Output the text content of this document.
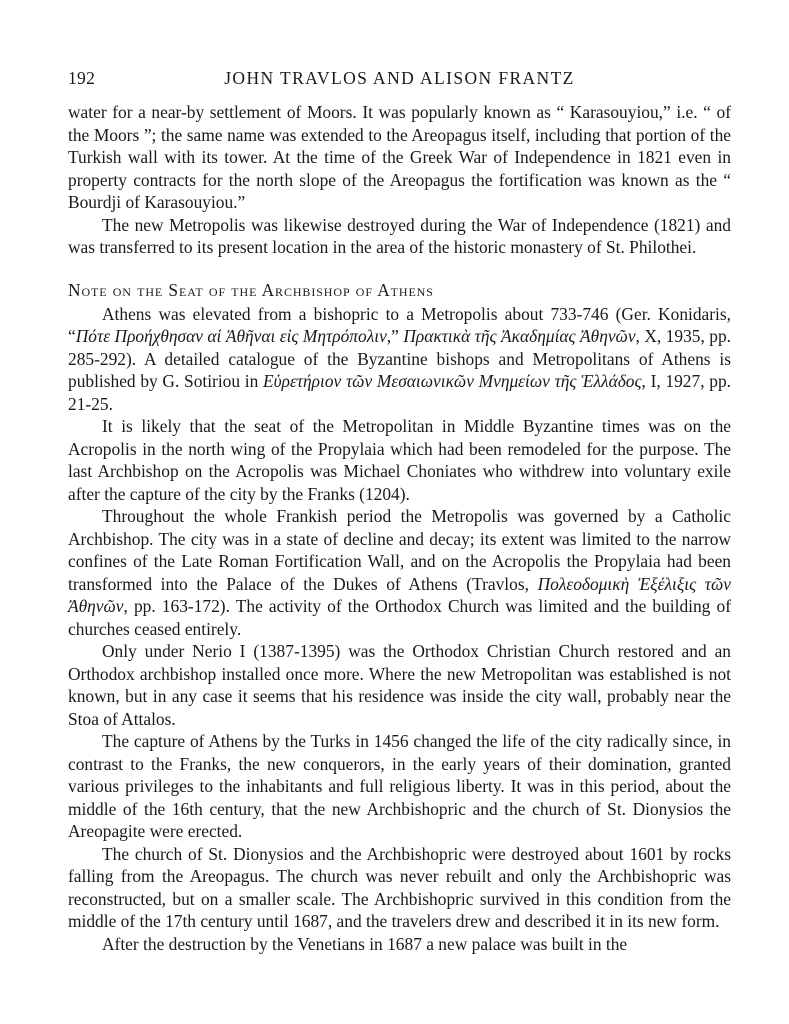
192	JOHN TRAVLOS AND ALISON FRANTZ

water for a near-by settlement of Moors. It was popularly known as “ Karasouyiou,” i.e. “ of the Moors ”; the same name was extended to the Areopagus itself, including that portion of the Turkish wall with its tower. At the time of the Greek War of Independence in 1821 even in property contracts for the north slope of the Areopagus the fortification was known as the “ Bourdji of Karasouyiou.”

The new Metropolis was likewise destroyed during the War of Independence (1821) and was transferred to its present location in the area of the historic monastery of St. Philothei.

Note on the Seat of the Archbishop of Athens

Athens was elevated from a bishopric to a Metropolis about 733-746 (Ger. Konidaris, “Πότε Προήχθησαν αἱ Ἀθῆναι εἰς Μητρόπολιν,” Πρακτικὰ τῆς Ἀκαδημίας Ἀθηνῶν, X, 1935, pp. 285-292). A detailed catalogue of the Byzantine bishops and Metropolitans of Athens is published by G. Sotiriou in Εὑρετήριον τῶν Μεσαιωνικῶν Μνημείων τῆς Ἑλλάδος, I, 1927, pp. 21-25.

It is likely that the seat of the Metropolitan in Middle Byzantine times was on the Acropolis in the north wing of the Propylaia which had been remodeled for the purpose. The last Archbishop on the Acropolis was Michael Choniates who withdrew into voluntary exile after the capture of the city by the Franks (1204).

Throughout the whole Frankish period the Metropolis was governed by a Catholic Archbishop. The city was in a state of decline and decay; its extent was limited to the narrow confines of the Late Roman Fortification Wall, and on the Acropolis the Propylaia had been transformed into the Palace of the Dukes of Athens (Travlos, Πολεοδομικὴ Ἐξέλιξις τῶν Ἀθηνῶν, pp. 163-172). The activity of the Orthodox Church was limited and the building of churches ceased entirely.

Only under Nerio I (1387-1395) was the Orthodox Christian Church restored and an Orthodox archbishop installed once more. Where the new Metropolitan was established is not known, but in any case it seems that his residence was inside the city wall, probably near the Stoa of Attalos.

The capture of Athens by the Turks in 1456 changed the life of the city radically since, in contrast to the Franks, the new conquerors, in the early years of their domination, granted various privileges to the inhabitants and full religious liberty. It was in this period, about the middle of the 16th century, that the new Archbishopric and the church of St. Dionysios the Areopagite were erected.

The church of St. Dionysios and the Archbishopric were destroyed about 1601 by rocks falling from the Areopagus. The church was never rebuilt and only the Archbishopric was reconstructed, but on a smaller scale. The Archbishopric survived in this condition from the middle of the 17th century until 1687, and the travelers drew and described it in its new form.

After the destruction by the Venetians in 1687 a new palace was built in the
